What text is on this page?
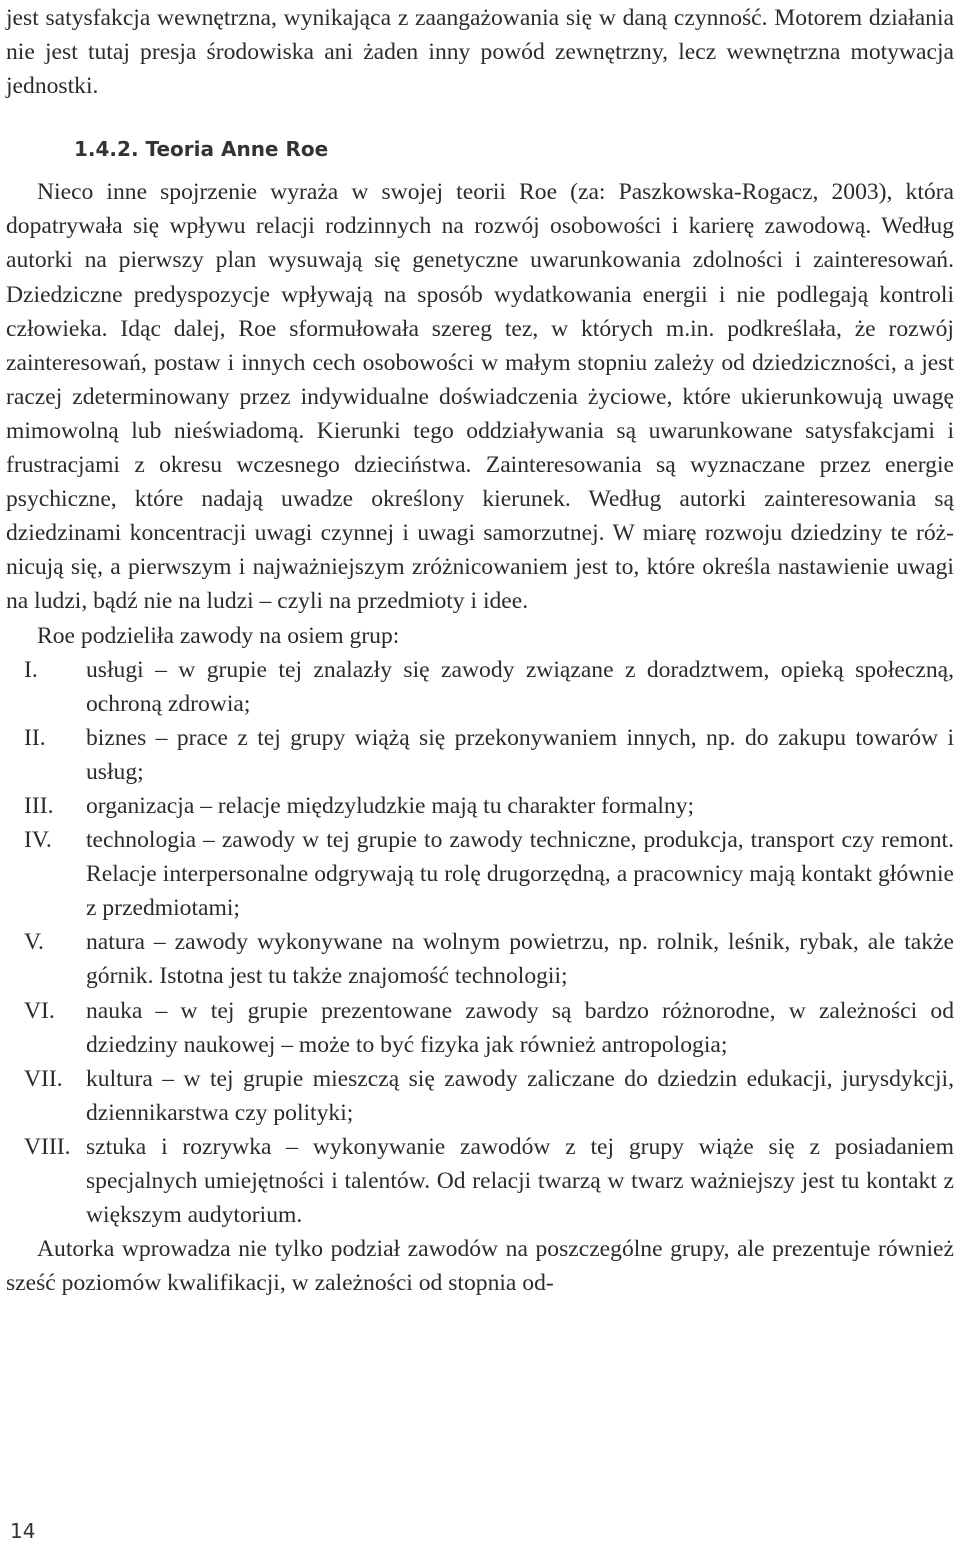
jest satysfakcja wewnętrzna, wynikająca z zaangażowania się w daną czynność. Motorem działania nie jest tutaj presja środowiska ani żaden inny powód zewnętrzny, lecz wewnętrzna motywacja jednostki.

1.4.2. Teoria Anne Roe

Nieco inne spojrzenie wyraża w swojej teorii Roe (za: Paszkowska-Rogacz, 2003), która dopatrywała się wpływu relacji rodzinnych na rozwój osobowości i karierę zawodową. Według autorki na pierwszy plan wysuwają się genetyczne uwarunkowania zdolności i zainteresowań. Dziedziczne predyspozycje wpływają na sposób wydatkowania energii i nie podlegają kontroli człowieka. Idąc dalej, Roe sformułowała szereg tez, w których m.in. podkreślała, że rozwój zainteresowań, postaw i innych cech osobowości w małym stopniu zależy od dziedziczności, a jest raczej zdeterminowany przez indywidualne doświadczenia życiowe, które ukierunkowują uwagę mimowolną lub nieświadomą. Kierunki tego oddziaływania są uwarunkowane satysfakcjami i frustracjami z okresu wczesnego dzieciństwa. Zainteresowania są wyznaczane przez energie psychiczne, które nadają uwadze określony kierunek. Według autorki zainteresowania są dziedzinami koncentracji uwagi czynnej i uwagi samorzutnej. W miarę rozwoju dziedziny te różnicują się, a pierwszym i najważniejszym zróżnicowaniem jest to, które określa nastawienie uwagi na ludzi, bądź nie na ludzi – czyli na przedmioty i idee.

Roe podzieliła zawody na osiem grup:

I.	usługi – w grupie tej znalazły się zawody związane z doradztwem, opieką społeczną, ochroną zdrowia;
II.	biznes – prace z tej grupy wiążą się przekonywaniem innych, np. do zakupu towarów i usług;
III.	organizacja – relacje międzyludzkie mają tu charakter formalny;
IV.	technologia – zawody w tej grupie to zawody techniczne, produkcja, transport czy remont. Relacje interpersonalne odgrywają tu rolę drugorzędną, a pracownicy mają kontakt głównie z przedmiotami;
V.	natura – zawody wykonywane na wolnym powietrzu, np. rolnik, leśnik, rybak, ale także górnik. Istotna jest tu także znajomość technologii;
VI.	nauka – w tej grupie prezentowane zawody są bardzo różnorodne, w zależności od dziedziny naukowej – może to być fizyka jak również antropologia;
VII. kultura – w tej grupie mieszczą się zawody zaliczane do dziedzin edukacji, jurysdykcji, dziennikarstwa czy polityki;
VIII. sztuka i rozrywka – wykonywanie zawodów z tej grupy wiąże się z posiadaniem specjalnych umiejętności i talentów. Od relacji twarzą w twarz ważniejszy jest tu kontakt z większym audytorium.

Autorka wprowadza nie tylko podział zawodów na poszczególne grupy, ale prezentuje również sześć poziomów kwalifikacji, w zależności od stopnia od-

14
